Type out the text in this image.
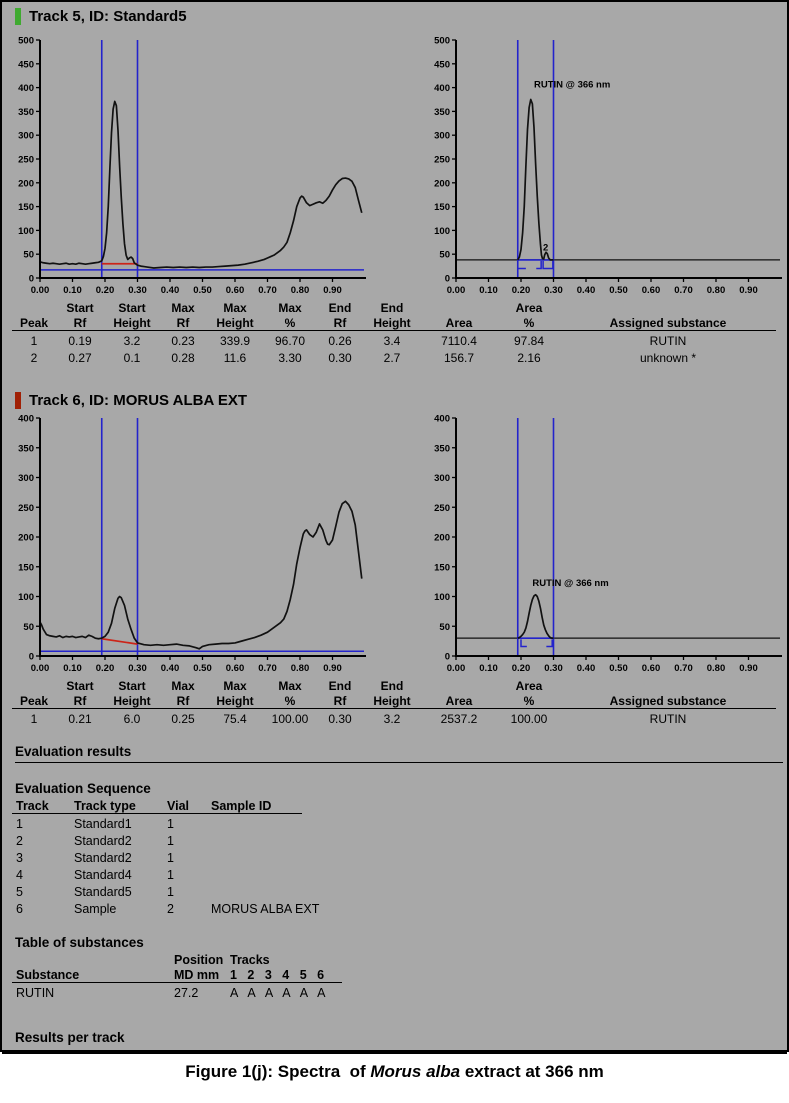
Track 5, ID: Standard5
0
50
100
150
200
250
300
350
400
450
500
0.00 0.10 0.20 0.30 0.40 0.50 0.60 0.70 0.80 0.90
RUTIN @ 366 nm
2
0
50
100
150
200
250
300
350
400
450
500
0.00 0.10 0.20 0.30 0.40 0.50 0.60 0.70 0.80 0.90
	Start	Start	Max	Max	Max	End	End		Area	
Peak	Rf	Height	Rf	Height	%	Rf	Height	Area	%	Assigned substance
1	0.19	3.2	0.23	339.9	96.70	0.26	3.4	7110.4	97.84	RUTIN
2	0.27	0.1	0.28	11.6	3.30	0.30	2.7	156.7	2.16	unknown *
Track 6, ID: MORUS ALBA EXT
0
50
100
150
200
250
300
350
400
0.00 0.10 0.20 0.30 0.40 0.50 0.60 0.70 0.80 0.90
RUTIN @ 366 nm
0
50
100
150
200
250
300
350
400
0.00 0.10 0.20 0.30 0.40 0.50 0.60 0.70 0.80 0.90
	Start	Start	Max	Max	Max	End	End		Area	
Peak	Rf	Height	Rf	Height	%	Rf	Height	Area	%	Assigned substance
1	0.21	6.0	0.25	75.4	100.00	0.30	3.2	2537.2	100.00	RUTIN
Evaluation results
Evaluation Sequence
Track	Track type	Vial	Sample ID
1	Standard1	1	
2	Standard2	1	
3	Standard2	1	
4	Standard4	1	
5	Standard5	1	
6	Sample	2	MORUS ALBA EXT
Table of substances
	Position	Tracks
Substance	MD mm	1 2 3 4 5 6
RUTIN	27.2	A A A A A A
Results per track
Figure 1(j): Spectra  of Morus alba extract at 366 nm
